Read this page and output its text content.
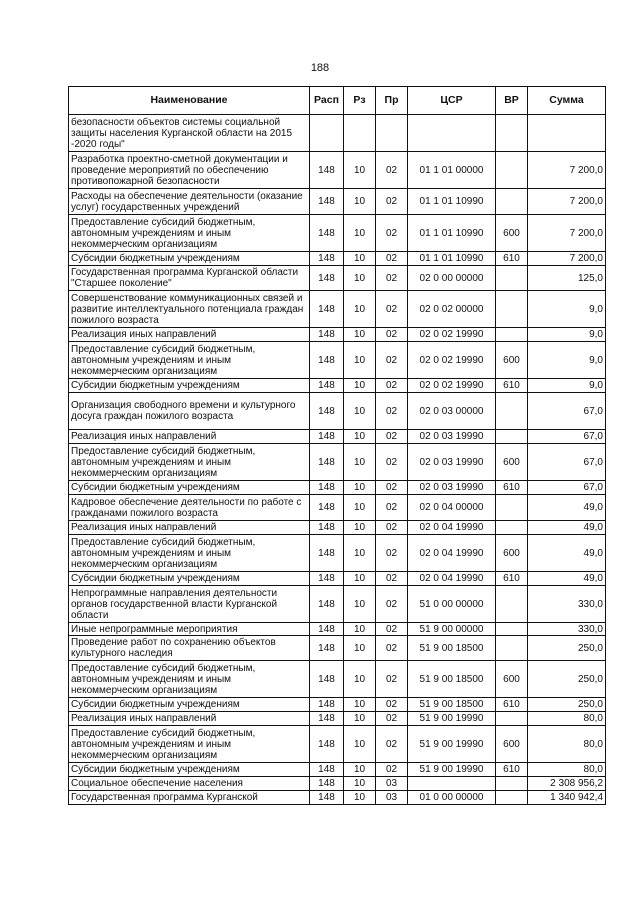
188
Наименование	Расп	Рз	Пр	ЦСР	ВР	Сумма
безопасности объектов системы социальной защиты населения Курганской области на 2015 -2020 годы"						
Разработка проектно-сметной документации и проведение мероприятий по обеспечению противопожарной безопасности	148	10	02	01 1 01 00000		7 200,0
Расходы на обеспечение деятельности (оказание услуг) государственных учреждений	148	10	02	01 1 01 10990		7 200,0
Предоставление субсидий бюджетным, автономным учреждениям и иным некоммерческим организациям	148	10	02	01 1 01 10990	600	7 200,0
Субсидии бюджетным учреждениям	148	10	02	01 1 01 10990	610	7 200,0
Государственная программа Курганской области "Старшее поколение"	148	10	02	02 0 00 00000		125,0
Совершенствование коммуникационных связей и развитие интеллектуального потенциала граждан пожилого возраста	148	10	02	02 0 02 00000		9,0
Реализация иных направлений	148	10	02	02 0 02 19990		9,0
Предоставление субсидий бюджетным, автономным учреждениям и иным некоммерческим организациям	148	10	02	02 0 02 19990	600	9,0
Субсидии бюджетным учреждениям	148	10	02	02 0 02 19990	610	9,0
Организация свободного времени и культурного досуга граждан пожилого возраста	148	10	02	02 0 03 00000		67,0
Реализация иных направлений	148	10	02	02 0 03 19990		67,0
Предоставление субсидий бюджетным, автономным учреждениям и иным некоммерческим организациям	148	10	02	02 0 03 19990	600	67,0
Субсидии бюджетным учреждениям	148	10	02	02 0 03 19990	610	67,0
Кадровое обеспечение деятельности по работе с гражданами пожилого возраста	148	10	02	02 0 04 00000		49,0
Реализация иных направлений	148	10	02	02 0 04 19990		49,0
Предоставление субсидий бюджетным, автономным учреждениям и иным некоммерческим организациям	148	10	02	02 0 04 19990	600	49,0
Субсидии бюджетным учреждениям	148	10	02	02 0 04 19990	610	49,0
Непрограммные направления деятельности органов государственной власти Курганской области	148	10	02	51 0 00 00000		330,0
Иные непрограммные мероприятия	148	10	02	51 9 00 00000		330,0
Проведение работ по сохранению объектов культурного наследия	148	10	02	51 9 00 18500		250,0
Предоставление субсидий бюджетным, автономным учреждениям и иным некоммерческим организациям	148	10	02	51 9 00 18500	600	250,0
Субсидии бюджетным учреждениям	148	10	02	51 9 00 18500	610	250,0
Реализация иных направлений	148	10	02	51 9 00 19990		80,0
Предоставление субсидий бюджетным, автономным учреждениям и иным некоммерческим организациям	148	10	02	51 9 00 19990	600	80,0
Субсидии бюджетным учреждениям	148	10	02	51 9 00 19990	610	80,0
Социальное обеспечение населения	148	10	03			2 308 956,2
Государственная программа Курганской	148	10	03	01 0 00 00000		1 340 942,4
